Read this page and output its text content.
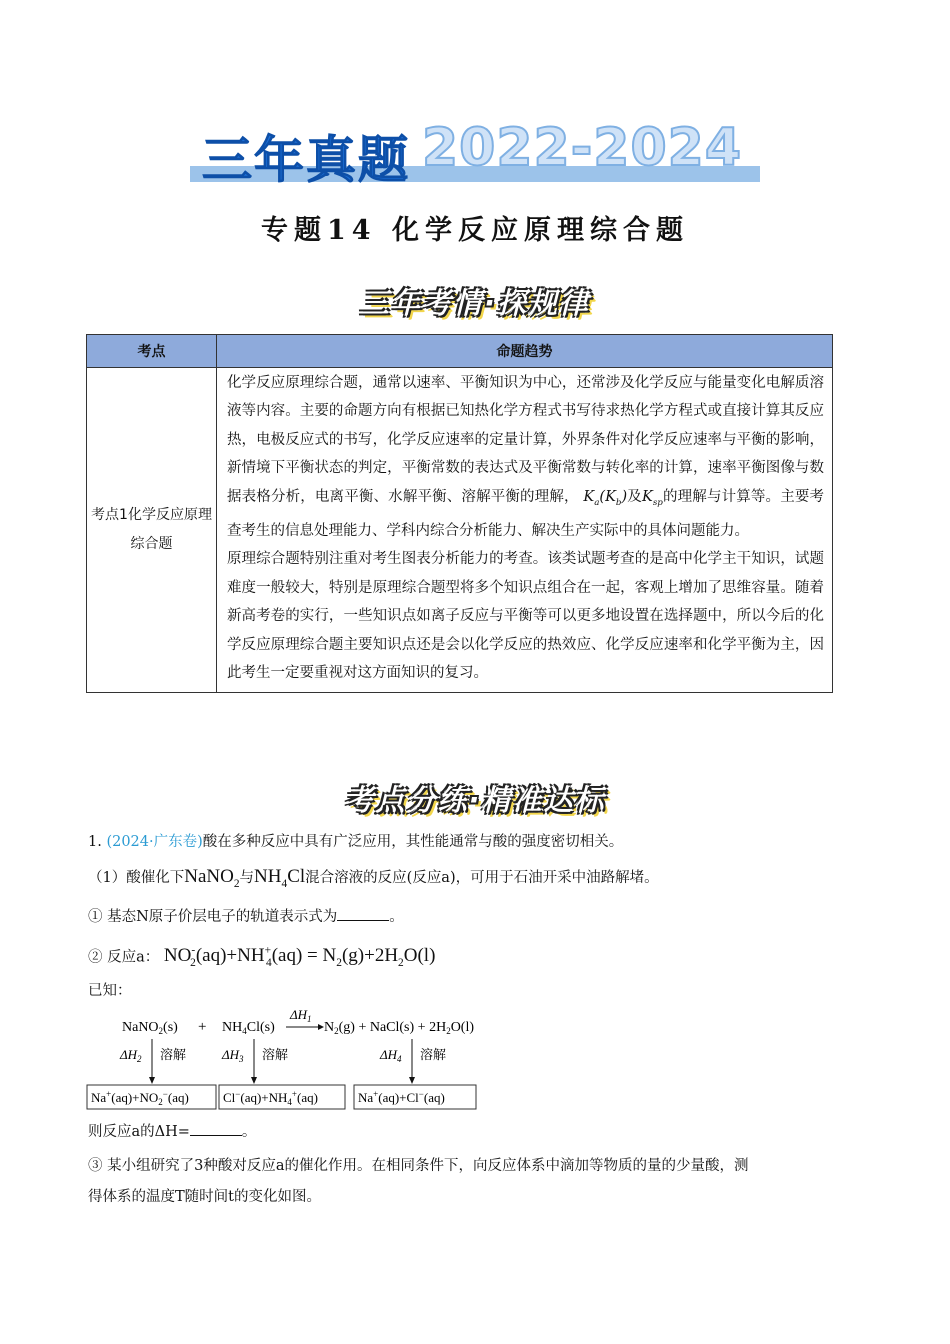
三年真题 2022-2024
专题14 化学反应原理综合题
三年考情·探规律
考点	命题趋势
考点1化学反应原理综合题	化学反应原理综合题，通常以速率、平衡知识为中心，还常涉及化学反应与能量变化电解质溶液等内容。主要的命题方向有根据已知热化学方程式书写待求热化学方程式或直接计算其反应热，电极反应式的书写，化学反应速率的定量计算，外界条件对化学反应速率与平衡的影响，新情境下平衡状态的判定，平衡常数的表达式及平衡常数与转化率的计算，速率平衡图像与数据表格分析，电离平衡、水解平衡、溶解平衡的理解， $K_a(K_b)$及$K_{sp}$的理解与计算等。主要考查考生的信息处理能力、学科内综合分析能力、解决生产实际中的具体问题能力。
原理综合题特别注重对考生图表分析能力的考查。该类试题考查的是高中化学主干知识，试题难度一般较大，特别是原理综合题型将多个知识点组合在一起，客观上增加了思维容量。随着新高考卷的实行，一些知识点如离子反应与平衡等可以更多地设置在选择题中，所以今后的化学反应原理综合题主要知识点还是会以化学反应的热效应、化学反应速率和化学平衡为主，因此考生一定要重视对这方面知识的复习。
考点分练·精准达标
1. (2024·广东卷)酸在多种反应中具有广泛应用，其性能通常与酸的强度密切相关。
（1）酸催化下NaNO$_2$与$NH_4Cl$混合溶液的反应(反应a)，可用于石油开采中油路解堵。
① 基态N原子价层电子的轨道表示式为	。
② 反应a： $NO^-_2(aq)+NH^+_4(aq) = N_2(g)+2H_2O(l)$
已知：
NaNO$_2$(s) + $NH_4Cl(s)$
$\Delta H_1$
$N_2(g)$ + NaCl(s) + $2H_2O(l)$
$\Delta H_2$ 溶解	$\Delta H_3$ 溶解	$\Delta H_4$ 溶解
$Na^+(aq)+NO_2^-(aq)$	$Cl^-(aq)+NH_4^+(aq)$	Na+(aq)+Cl−(aq)
则反应a的ΔH=	。
③ 某小组研究了3种酸对反应a的催化作用。在相同条件下，向反应体系中滴加等物质的量的少量酸，测
得体系的温度T随时间t的变化如图。
